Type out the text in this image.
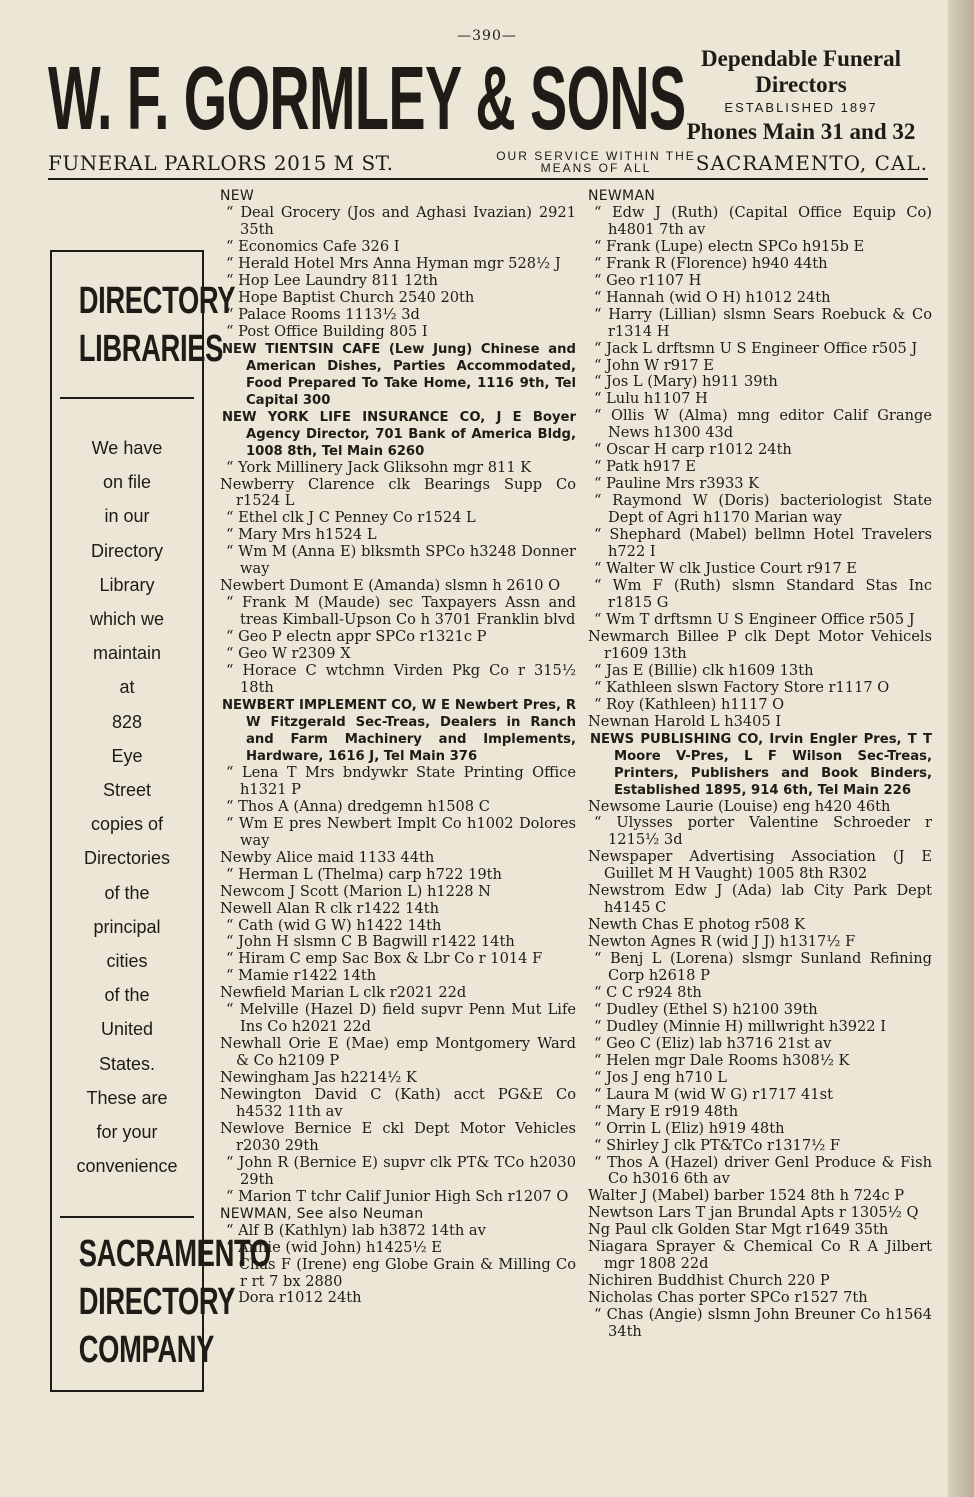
—390—
W. F. GORMLEY & SONS Dependable Funeral
Directors
ESTABLISHED 1897
Phones Main 31 and 32
FUNERAL PARLORS 2015 M ST.	OUR SERVICE WITHIN THE
MEANS OF ALL	SACRAMENTO, CAL.
DIRECTORY
LIBRARIES
We have
on file
in our
Directory
Library
which we
maintain
at
828
Eye
Street
copies of
Directories
of the
principal
cities
of the
United
States.
These are
for your
convenience
SACRAMENTO
DIRECTORY
COMPANY
NEW
“ Deal Grocery (Jos and Aghasi Ivazian) 2921 35th
“ Economics Cafe 326 I
“ Herald Hotel Mrs Anna Hyman mgr 528½ J
“ Hop Lee Laundry 811 12th
“ Hope Baptist Church 2540 20th
“ Palace Rooms 1113½ 3d
“ Post Office Building 805 I
NEW TIENTSIN CAFE (Lew Jung) Chinese and American Dishes, Parties Accommodated, Food Prepared To Take Home, 1116 9th, Tel Capital 300
NEW YORK LIFE INSURANCE CO, J E Boyer Agency Director, 701 Bank of America Bldg, 1008 8th, Tel Main 6260
“ York Millinery Jack Gliksohn mgr 811 K
Newberry Clarence clk Bearings Supp Co r1524 L
“ Ethel clk J C Penney Co r1524 L
“ Mary Mrs h1524 L
“ Wm M (Anna E) blksmth SPCo h3248 Donner way
Newbert Dumont E (Amanda) slsmn h 2610 O
“ Frank M (Maude) sec Taxpayers Assn and treas Kimball-Upson Co h 3701 Franklin blvd
“ Geo P electn appr SPCo r1321c P
“ Geo W r2309 X
“ Horace C wtchmn Virden Pkg Co r 315½ 18th
NEWBERT IMPLEMENT CO, W E Newbert Pres, R W Fitzgerald Sec-Treas, Dealers in Ranch and Farm Machinery and Implements, Hardware, 1616 J, Tel Main 376
“ Lena T Mrs bndywkr State Printing Office h1321 P
“ Thos A (Anna) dredgemn h1508 C
“ Wm E pres Newbert Implt Co h1002 Dolores way
Newby Alice maid 1133 44th
“ Herman L (Thelma) carp h722 19th
Newcom J Scott (Marion L) h1228 N
Newell Alan R clk r1422 14th
“ Cath (wid G W) h1422 14th
“ John H slsmn C B Bagwill r1422 14th
“ Hiram C emp Sac Box & Lbr Co r 1014 F
“ Mamie r1422 14th
Newfield Marian L clk r2021 22d
“ Melville (Hazel D) field supvr Penn Mut Life Ins Co h2021 22d
Newhall Orie E (Mae) emp Montgomery Ward & Co h2109 P
Newingham Jas h2214½ K
Newington David C (Kath) acct PG&E Co h4532 11th av
Newlove Bernice E ckl Dept Motor Vehicles r2030 29th
“ John R (Bernice E) supvr clk PT& TCo h2030 29th
“ Marion T tchr Calif Junior High Sch r1207 O
NEWMAN, See also Neuman
“ Alf B (Kathlyn) lab h3872 14th av
“ Annie (wid John) h1425½ E
“ Chas F (Irene) eng Globe Grain & Milling Co r rt 7 bx 2880
“ Dora r1012 24th
NEWMAN
“ Edw J (Ruth) (Capital Office Equip Co) h4801 7th av
“ Frank (Lupe) electn SPCo h915b E
“ Frank R (Florence) h940 44th
“ Geo r1107 H
“ Hannah (wid O H) h1012 24th
“ Harry (Lillian) slsmn Sears Roebuck & Co r1314 H
“ Jack L drftsmn U S Engineer Office r505 J
“ John W r917 E
“ Jos L (Mary) h911 39th
“ Lulu h1107 H
“ Ollis W (Alma) mng editor Calif Grange News h1300 43d
“ Oscar H carp r1012 24th
“ Patk h917 E
“ Pauline Mrs r3933 K
“ Raymond W (Doris) bacteriologist State Dept of Agri h1170 Marian way
“ Shephard (Mabel) bellmn Hotel Travelers h722 I
“ Walter W clk Justice Court r917 E
“ Wm F (Ruth) slsmn Standard Stas Inc r1815 G
“ Wm T drftsmn U S Engineer Office r505 J
Newmarch Billee P clk Dept Motor Vehicels r1609 13th
“ Jas E (Billie) clk h1609 13th
“ Kathleen slswn Factory Store r1117 O
“ Roy (Kathleen) h1117 O
Newnan Harold L h3405 I
NEWS PUBLISHING CO, Irvin Engler Pres, T T Moore V-Pres, L F Wilson Sec-Treas, Printers, Publishers and Book Binders, Established 1895, 914 6th, Tel Main 226
Newsome Laurie (Louise) eng h420 46th
“ Ulysses porter Valentine Schroeder r 1215½ 3d
Newspaper Advertising Association (J E Guillet M H Vaught) 1005 8th R302
Newstrom Edw J (Ada) lab City Park Dept h4145 C
Newth Chas E photog r508 K
Newton Agnes R (wid J J) h1317½ F
“ Benj L (Lorena) slsmgr Sunland Refining Corp h2618 P
“ C C r924 8th
“ Dudley (Ethel S) h2100 39th
“ Dudley (Minnie H) millwright h3922 I
“ Geo C (Eliz) lab h3716 21st av
“ Helen mgr Dale Rooms h308½ K
“ Jos J eng h710 L
“ Laura M (wid W G) r1717 41st
“ Mary E r919 48th
“ Orrin L (Eliz) h919 48th
“ Shirley J clk PT&TCo r1317½ F
“ Thos A (Hazel) driver Genl Produce & Fish Co h3016 6th av
Walter J (Mabel) barber 1524 8th h 724c P
Newtson Lars T jan Brundal Apts r 1305½ Q
Ng Paul clk Golden Star Mgt r1649 35th
Niagara Sprayer & Chemical Co R A Jilbert mgr 1808 22d
Nichiren Buddhist Church 220 P
Nicholas Chas porter SPCo r1527 7th
“ Chas (Angie) slsmn John Breuner Co h1564 34th
